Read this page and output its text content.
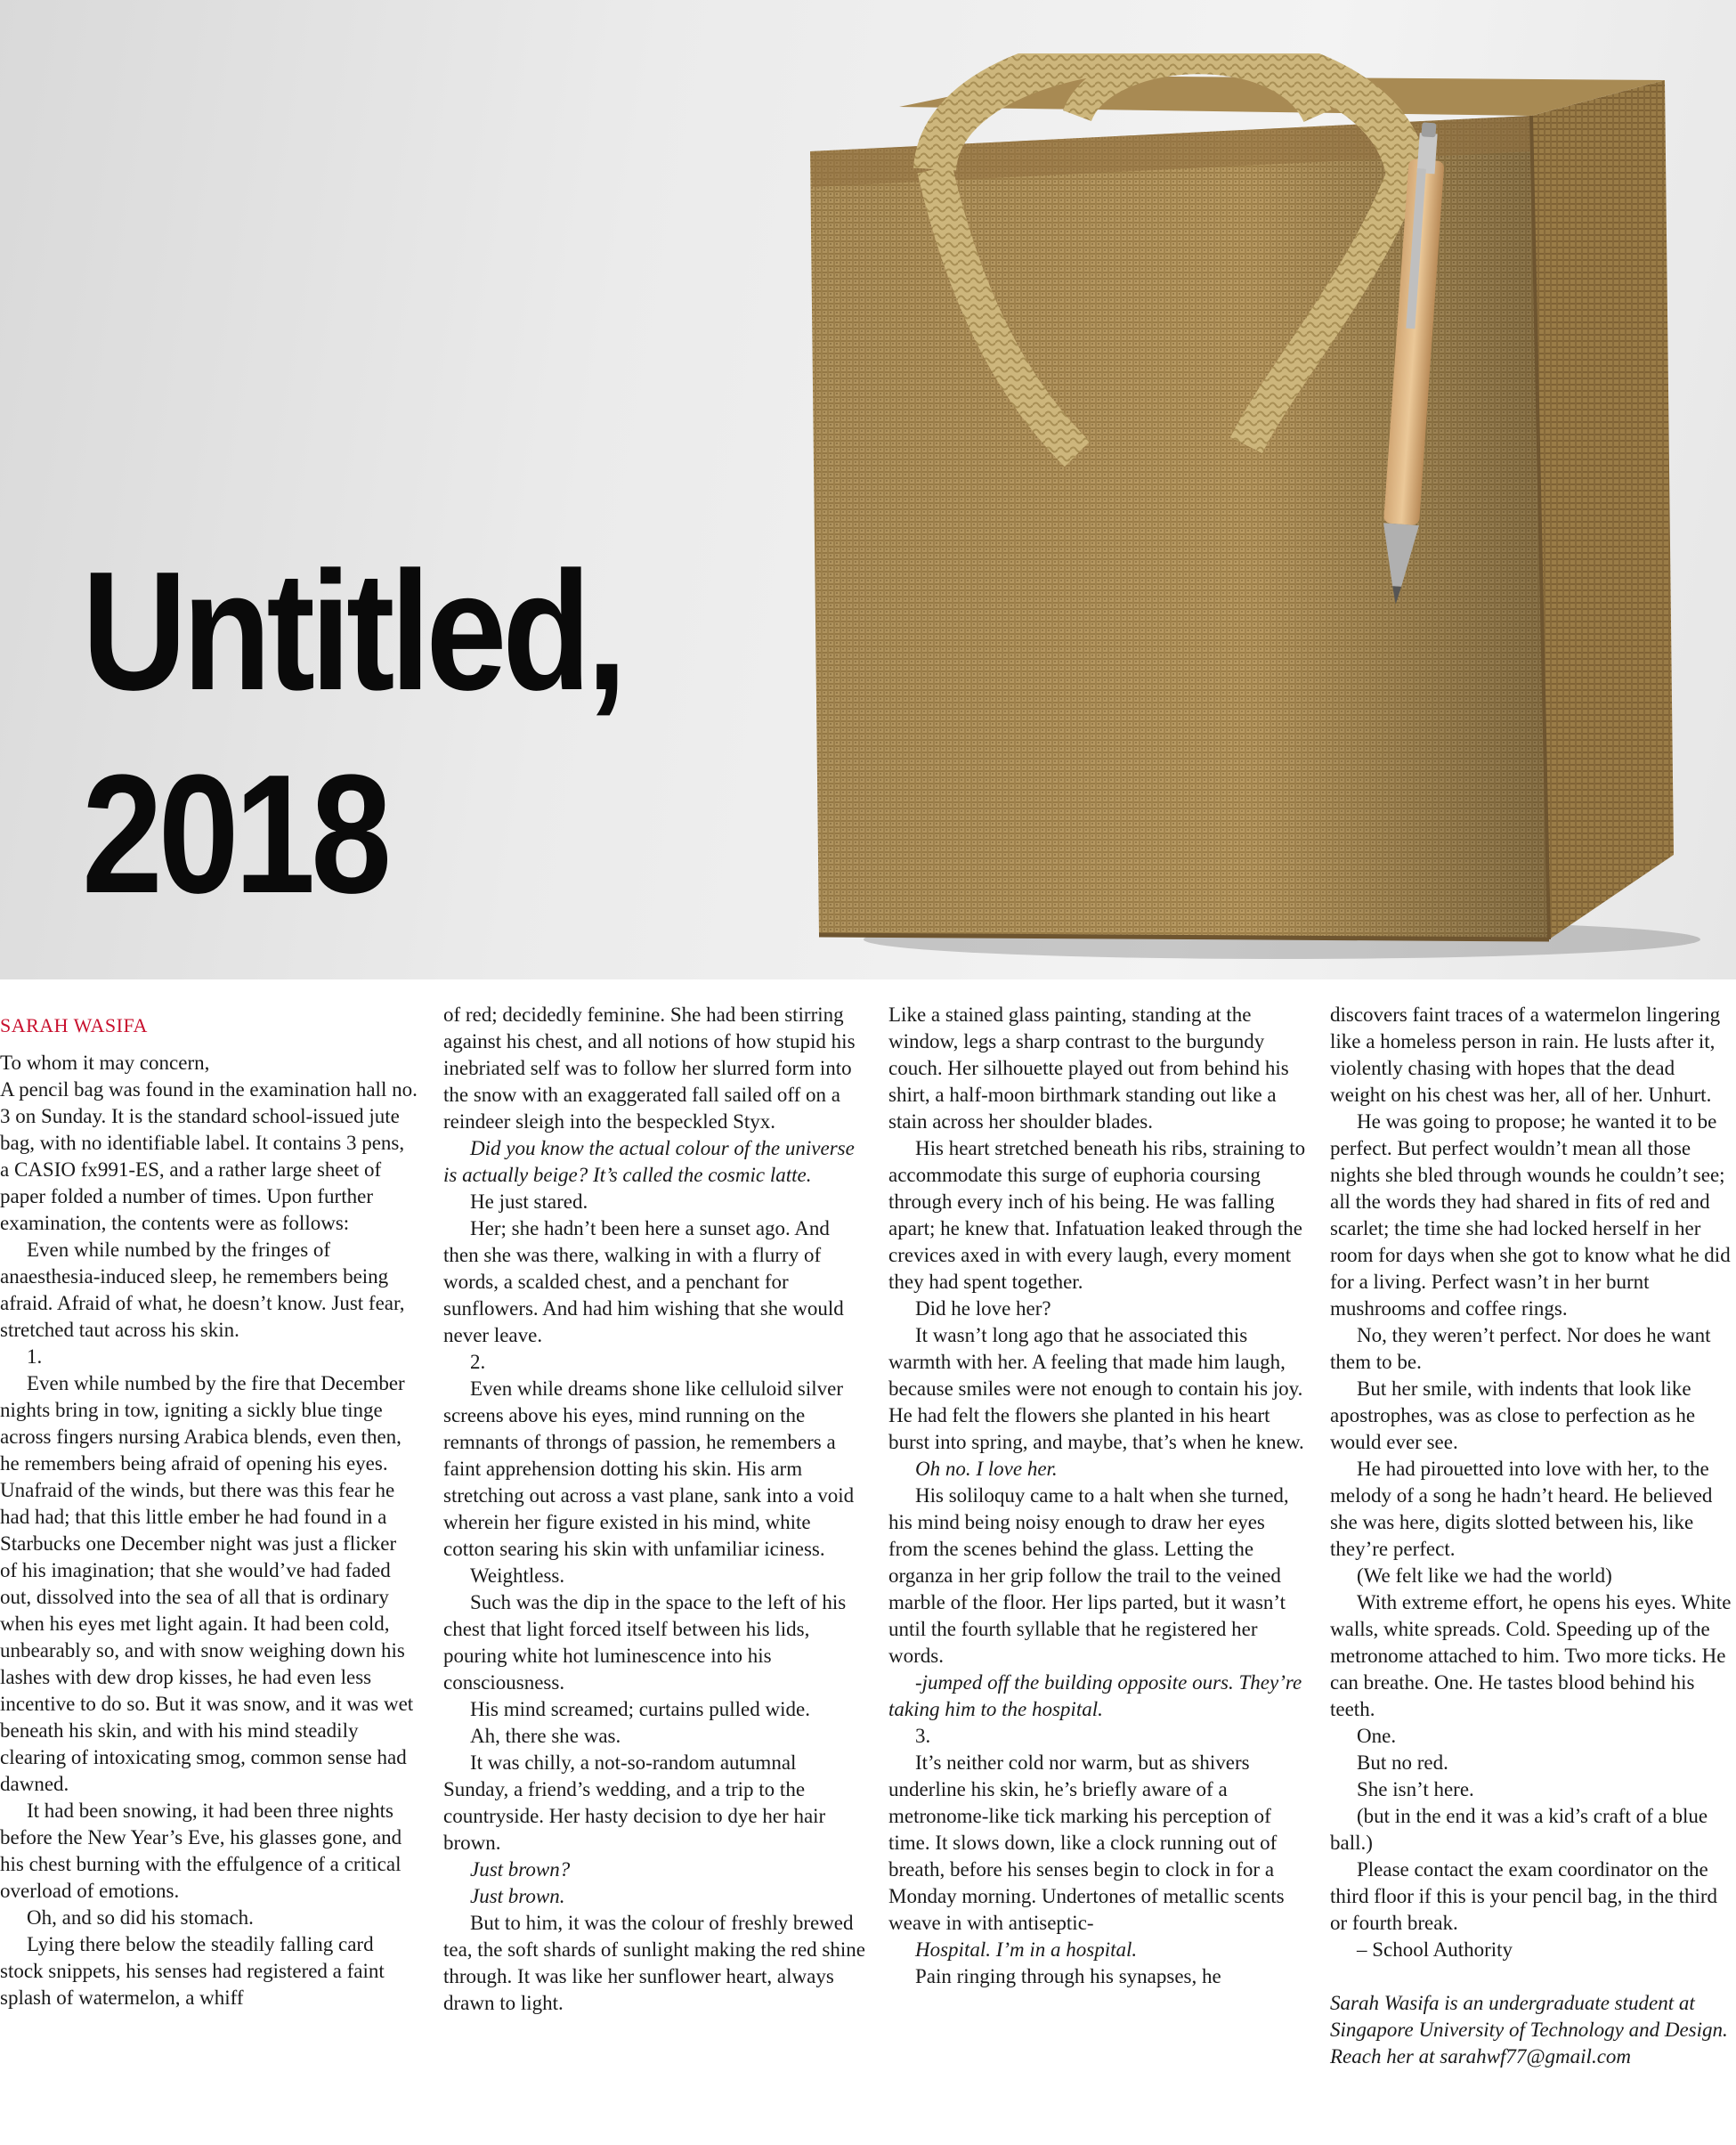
Untitled,
2018
SARAH WASIFA

To whom it may concern,

A pencil bag was found in the examination hall no. 3 on Sunday. It is the standard school-issued jute bag, with no identifiable label. It contains 3 pens, a CASIO fx991-ES, and a rather large sheet of paper folded a number of times. Upon further examination, the contents were as follows:

Even while numbed by the fringes of anaesthesia-induced sleep, he remembers being afraid. Afraid of what, he doesn’t know. Just fear, stretched taut across his skin.

1.

Even while numbed by the fire that December nights bring in tow, igniting a sickly blue tinge across fingers nursing Arabica blends, even then, he remembers being afraid of opening his eyes. Unafraid of the winds, but there was this fear he had had; that this little ember he had found in a Starbucks one December night was just a flicker of his imagination; that she would’ve had faded out, dissolved into the sea of all that is ordinary when his eyes met light again. It had been cold, unbearably so, and with snow weighing down his lashes with dew drop kisses, he had even less incentive to do so. But it was snow, and it was wet beneath his skin, and with his mind steadily clearing of intoxicating smog, common sense had dawned.

It had been snowing, it had been three nights before the New Year’s Eve, his glasses gone, and his chest burning with the effulgence of a critical overload of emotions.

Oh, and so did his stomach.

Lying there below the steadily falling card stock snippets, his senses had registered a faint splash of watermelon, a whiff

of red; decidedly feminine. She had been stirring against his chest, and all notions of how stupid his inebriated self was to follow her slurred form into the snow with an exaggerated fall sailed off on a reindeer sleigh into the bespeckled Styx.

Did you know the actual colour of the universe is actually beige? It’s called the cosmic latte.

He just stared.

Her; she hadn’t been here a sunset ago. And then she was there, walking in with a flurry of words, a scalded chest, and a penchant for sunflowers. And had him wishing that she would never leave.

2.

Even while dreams shone like celluloid silver screens above his eyes, mind running on the remnants of throngs of passion, he remembers a faint apprehension dotting his skin. His arm stretching out across a vast plane, sank into a void wherein her figure existed in his mind, white cotton searing his skin with unfamiliar iciness.

Weightless.

Such was the dip in the space to the left of his chest that light forced itself between his lids, pouring white hot luminescence into his consciousness.

His mind screamed; curtains pulled wide.

Ah, there she was.

It was chilly, a not-so-random autumnal Sunday, a friend’s wedding, and a trip to the countryside. Her hasty decision to dye her hair brown.

Just brown?

Just brown.

But to him, it was the colour of freshly brewed tea, the soft shards of sunlight making the red shine through. It was like her sunflower heart, always drawn to light.

Like a stained glass painting, standing at the window, legs a sharp contrast to the burgundy couch. Her silhouette played out from behind his shirt, a half-moon birthmark standing out like a stain across her shoulder blades.

His heart stretched beneath his ribs, straining to accommodate this surge of euphoria coursing through every inch of his being. He was falling apart; he knew that. Infatuation leaked through the crevices axed in with every laugh, every moment they had spent together.

Did he love her?

It wasn’t long ago that he associated this warmth with her. A feeling that made him laugh, because smiles were not enough to contain his joy. He had felt the flowers she planted in his heart burst into spring, and maybe, that’s when he knew.

Oh no. I love her.

His soliloquy came to a halt when she turned, his mind being noisy enough to draw her eyes from the scenes behind the glass. Letting the organza in her grip follow the trail to the veined marble of the floor. Her lips parted, but it wasn’t until the fourth syllable that he registered her words.

-jumped off the building opposite ours. They’re taking him to the hospital.

3.

It’s neither cold nor warm, but as shivers underline his skin, he’s briefly aware of a metronome-like tick marking his perception of time. It slows down, like a clock running out of breath, before his senses begin to clock in for a Monday morning. Undertones of metallic scents weave in with antiseptic-

Hospital. I’m in a hospital.

Pain ringing through his synapses, he

discovers faint traces of a watermelon lingering like a homeless person in rain. He lusts after it, violently chasing with hopes that the dead weight on his chest was her, all of her. Unhurt.

He was going to propose; he wanted it to be perfect. But perfect wouldn’t mean all those nights she bled through wounds he couldn’t see; all the words they had shared in fits of red and scarlet; the time she had locked herself in her room for days when she got to know what he did for a living. Perfect wasn’t in her burnt mushrooms and coffee rings.

No, they weren’t perfect. Nor does he want them to be.

But her smile, with indents that look like apostrophes, was as close to perfection as he would ever see.

He had pirouetted into love with her, to the melody of a song he hadn’t heard. He believed she was here, digits slotted between his, like they’re perfect.

(We felt like we had the world)

With extreme effort, he opens his eyes. White walls, white spreads. Cold. Speeding up of the metronome attached to him. Two more ticks. He can breathe. One. He tastes blood behind his teeth.

One.

But no red.

She isn’t here.

(but in the end it was a kid’s craft of a blue ball.)

Please contact the exam coordinator on the third floor if this is your pencil bag, in the third or fourth break.

– School Authority

Sarah Wasifa is an undergraduate student at Singapore University of Technology and Design. Reach her at sarahwf77@gmail.com
